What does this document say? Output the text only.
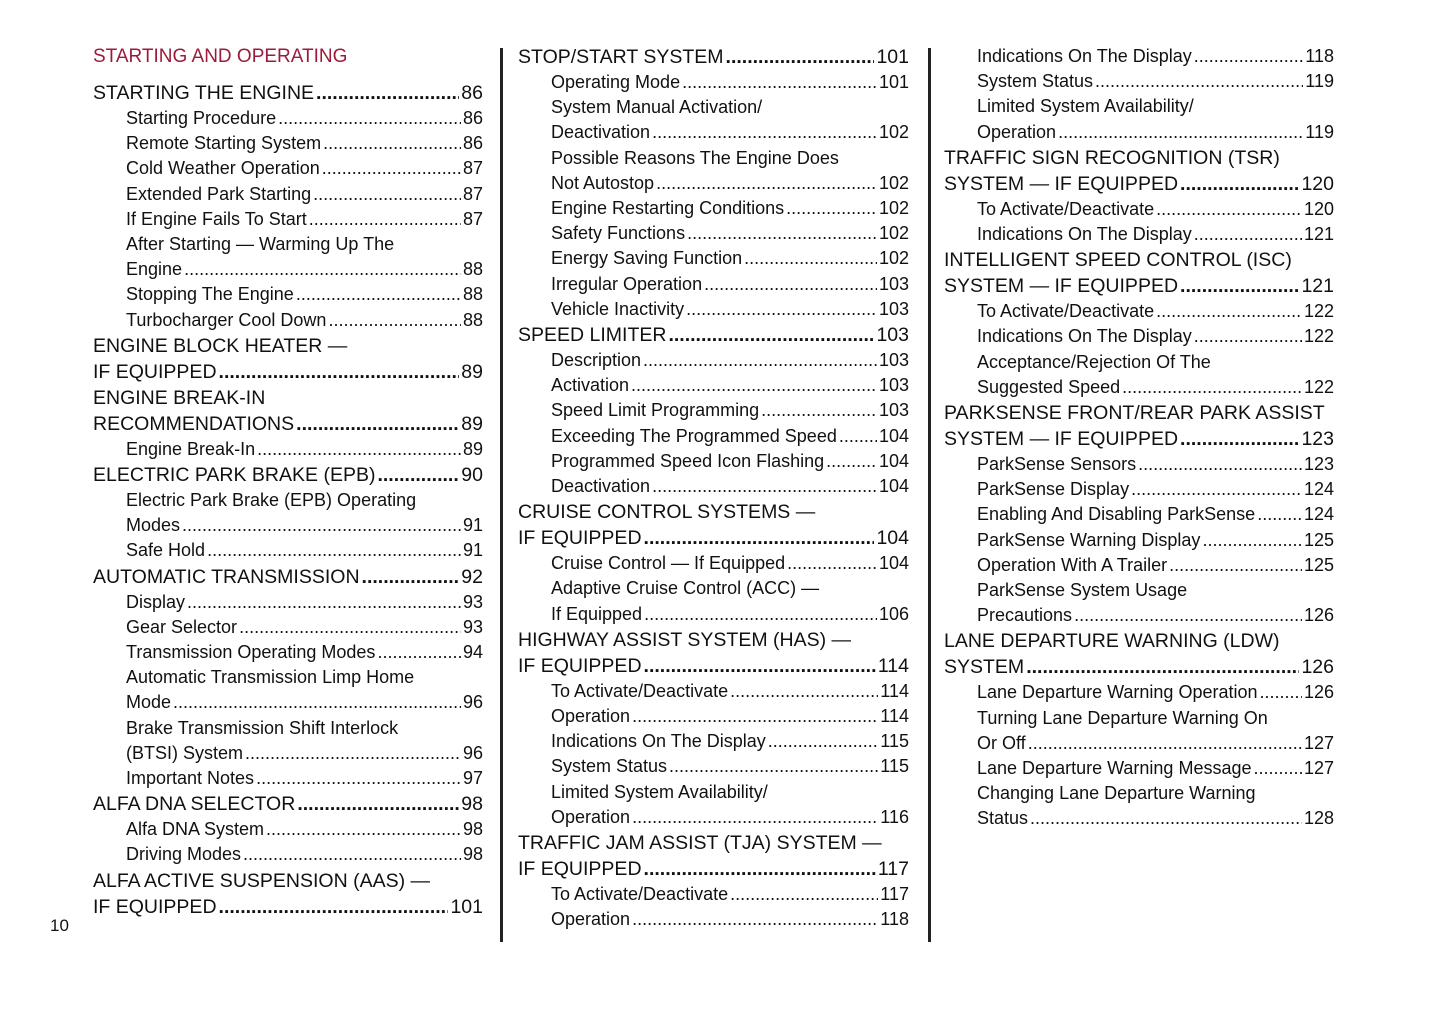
STARTING AND OPERATING
STARTING THE ENGINE .....	86
Starting Procedure .....	86
Remote Starting System .....	86
Cold Weather Operation .....	87
Extended Park Starting .....	87
If Engine Fails To Start .....	87
After Starting — Warming Up The
Engine .....	88
Stopping The Engine .....	88
Turbocharger Cool Down .....	88
ENGINE BLOCK HEATER —
IF EQUIPPED .....	89
ENGINE BREAK-IN
RECOMMENDATIONS .....	89
Engine Break-In .....	89
ELECTRIC PARK BRAKE (EPB) .....	90
Electric Park Brake (EPB) Operating
Modes .....	91
Safe Hold .....	91
AUTOMATIC TRANSMISSION .....	92
Display .....	93
Gear Selector .....	93
Transmission Operating Modes .....	94
Automatic Transmission Limp Home
Mode .....	96
Brake Transmission Shift Interlock
(BTSI) System .....	96
Important Notes .....	97
ALFA DNA SELECTOR .....	98
Alfa DNA System .....	98
Driving Modes .....	98
ALFA ACTIVE SUSPENSION (AAS) —
IF EQUIPPED .....	101
STOP/START SYSTEM .....	101
Operating Mode .....	101
System Manual Activation/
Deactivation .....	102
Possible Reasons The Engine Does
Not Autostop .....	102
Engine Restarting Conditions .....	102
Safety Functions .....	102
Energy Saving Function .....	102
Irregular Operation .....	103
Vehicle Inactivity .....	103
SPEED LIMITER .....	103
Description .....	103
Activation .....	103
Speed Limit Programming .....	103
Exceeding The Programmed Speed ..... 104
Programmed Speed Icon Flashing .....	104
Deactivation .....	104
CRUISE CONTROL SYSTEMS —
IF EQUIPPED .....	104
Cruise Control — If Equipped .....	104
Adaptive Cruise Control (ACC) —
If Equipped .....	106
HIGHWAY ASSIST SYSTEM (HAS) —
IF EQUIPPED .....	114
To Activate/Deactivate .....	114
Operation .....	114
Indications On The Display .....	115
System Status .....	115
Limited System Availability/
Operation .....	116
TRAFFIC JAM ASSIST (TJA) SYSTEM —
IF EQUIPPED .....	117
To Activate/Deactivate .....	117
Operation .....	118
Indications On The Display .....	118
System Status .....	119
Limited System Availability/
Operation .....	119
TRAFFIC SIGN RECOGNITION (TSR)
SYSTEM — IF EQUIPPED .....	120
To Activate/Deactivate .....	120
Indications On The Display .....	121
INTELLIGENT SPEED CONTROL (ISC)
SYSTEM — IF EQUIPPED .....	121
To Activate/Deactivate .....	122
Indications On The Display .....	122
Acceptance/Rejection Of The
Suggested Speed .....	122
PARKSENSE FRONT/REAR PARK ASSIST
SYSTEM — IF EQUIPPED .....	123
ParkSense Sensors .....	123
ParkSense Display .....	124
Enabling And Disabling ParkSense .....	124
ParkSense Warning Display .....	125
Operation With A Trailer .....	125
ParkSense System Usage
Precautions .....	126
LANE DEPARTURE WARNING (LDW)
SYSTEM .....	126
Lane Departure Warning Operation .....	126
Turning Lane Departure Warning On
Or Off .....	127
Lane Departure Warning Message .....	127
Changing Lane Departure Warning
Status .....	128
10
